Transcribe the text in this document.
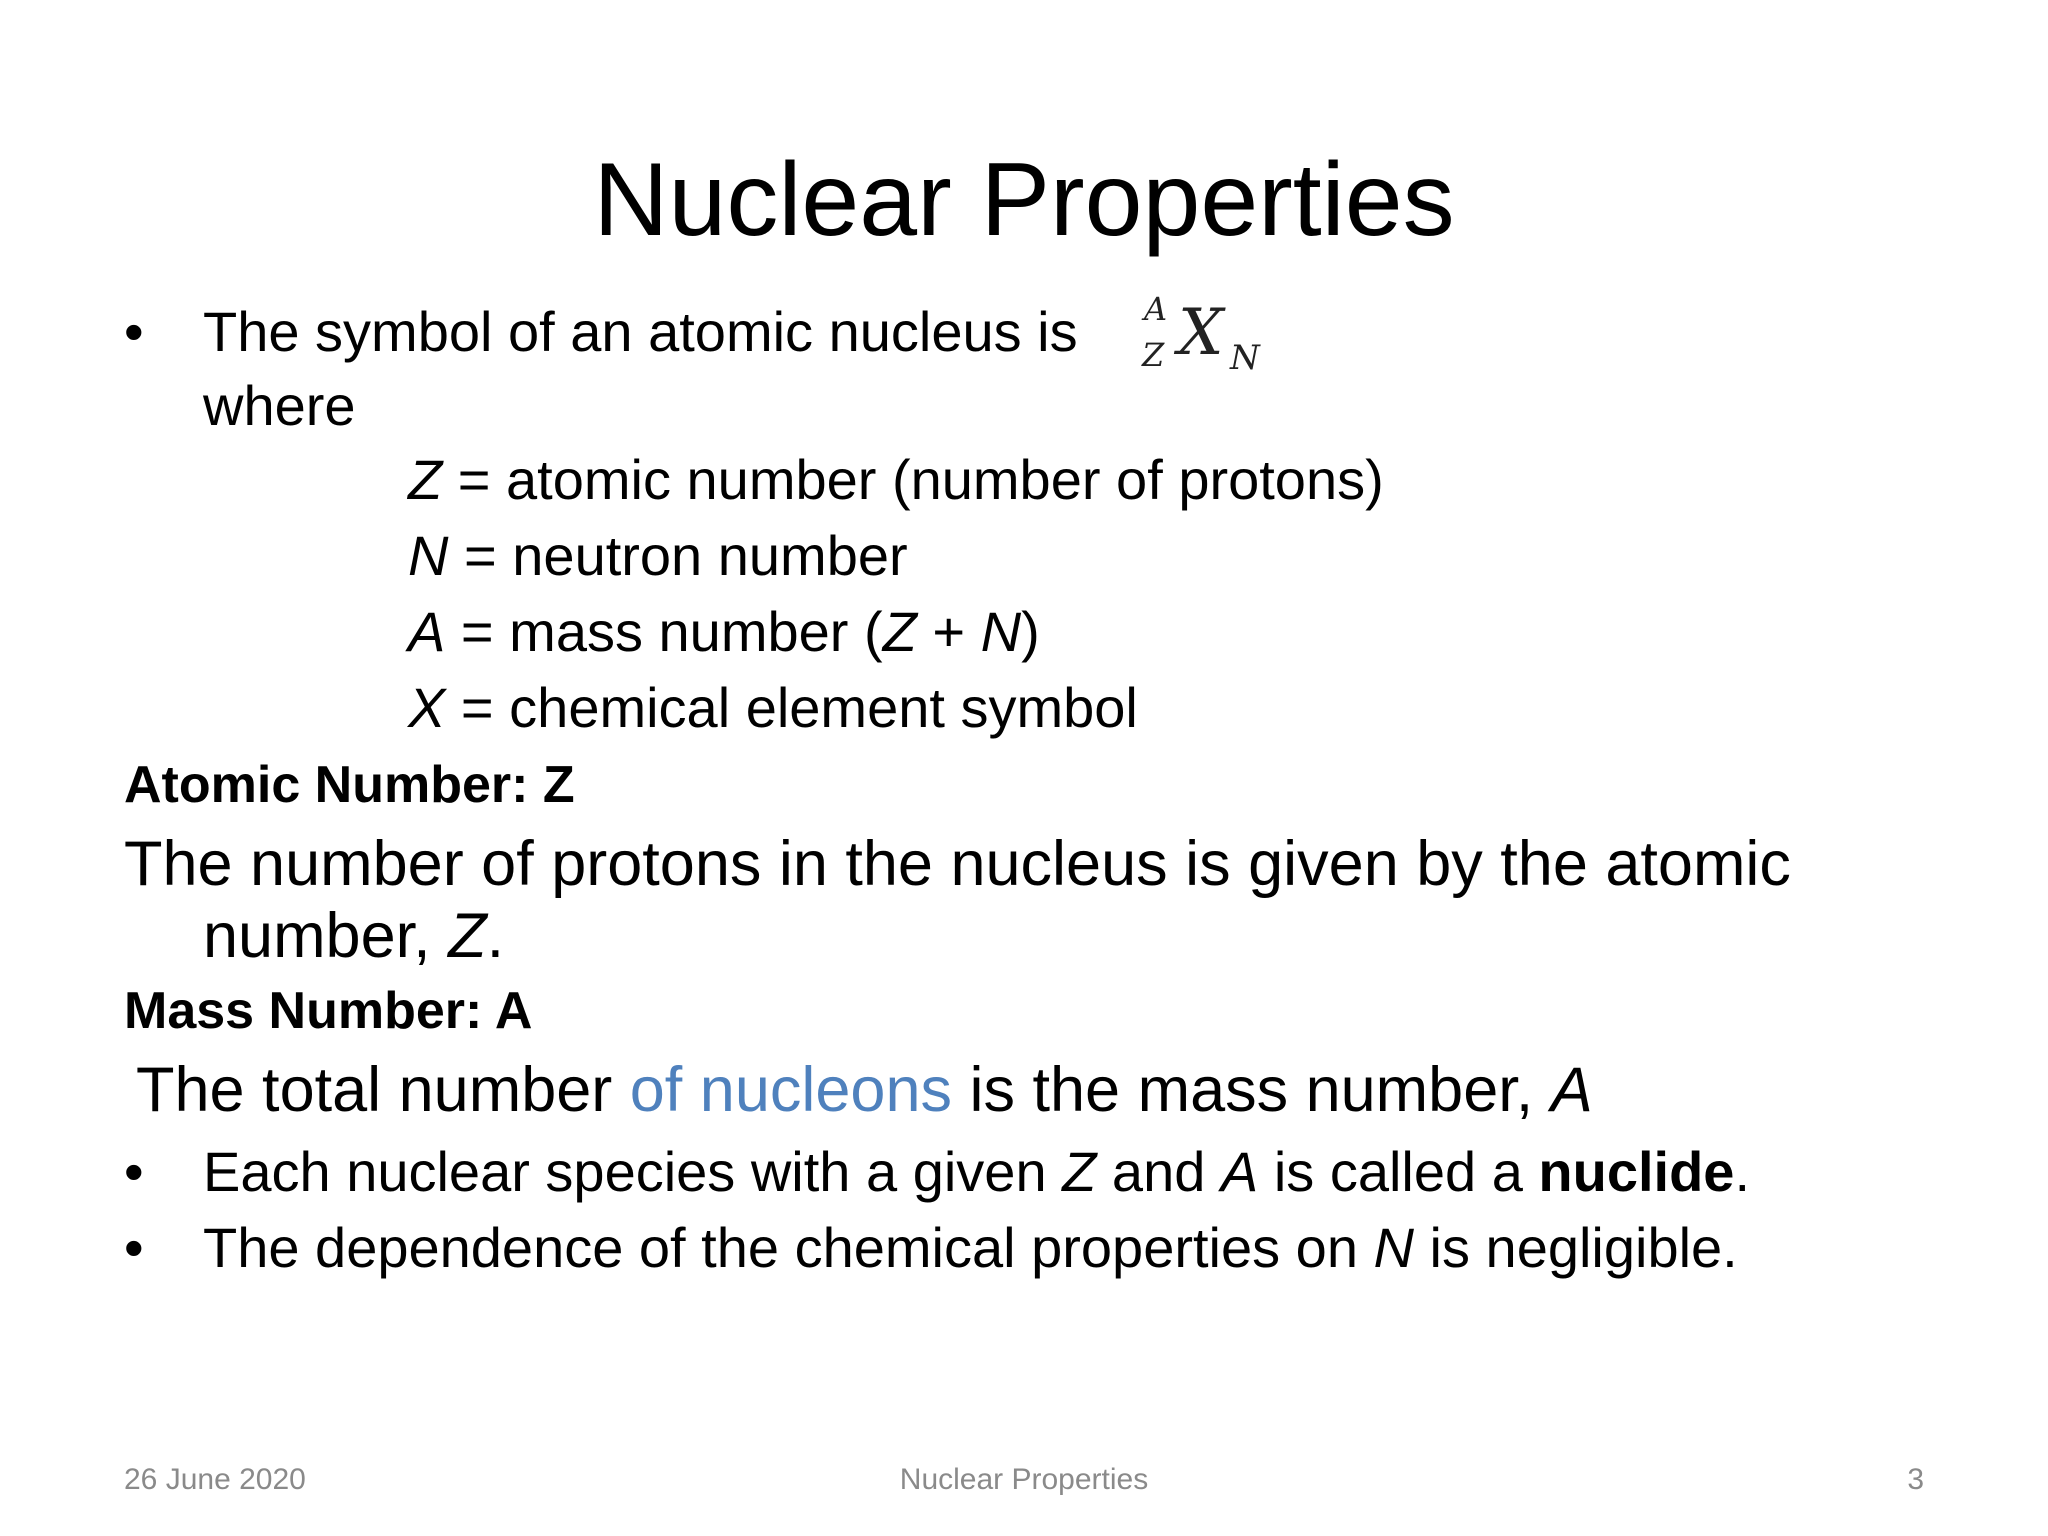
Nuclear Properties
• The symbol of an atomic nucleus is A
Z X N
where
Z = atomic number (number of protons)
N = neutron number
A = mass number (Z + N)
X = chemical element symbol
Atomic Number: Z
The number of protons in the nucleus is given by the atomic
number, Z.
Mass Number: A
The total number of nucleons is the mass number, A
• Each nuclear species with a given Z and A is called a nuclide.
• The dependence of the chemical properties on N is negligible.
26 June 2020	Nuclear Properties	3
